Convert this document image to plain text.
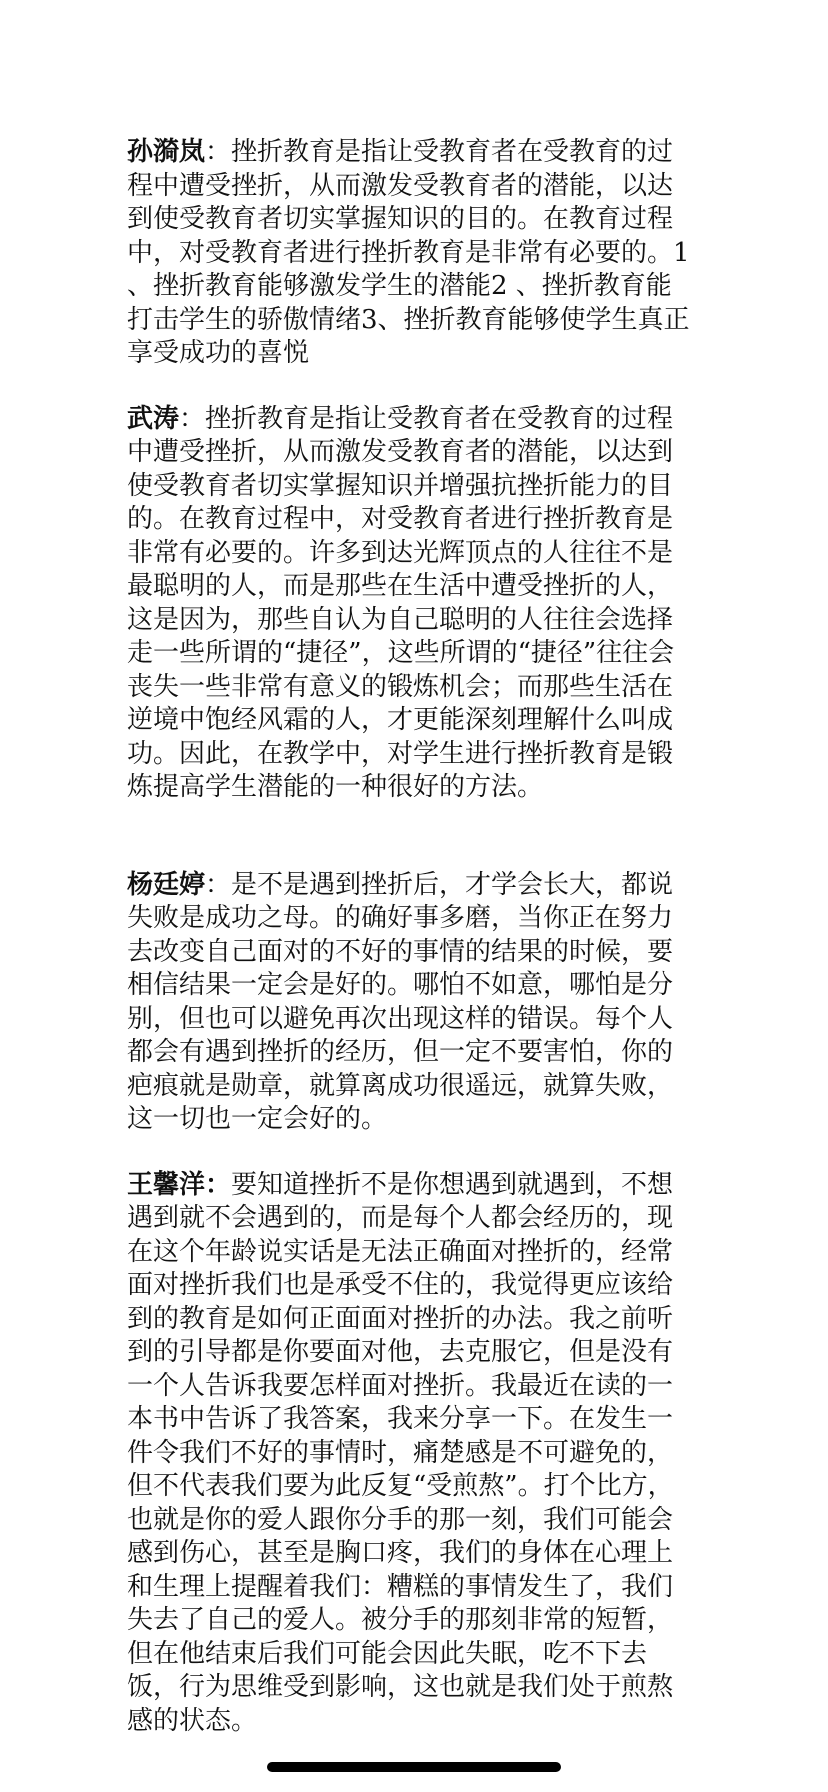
孙漪岚：挫折教育是指让受教育者在受教育的过程中遭受挫折，从而激发受教育者的潜能，以达到使受教育者切实掌握知识的目的。在教育过程中，对受教育者进行挫折教育是非常有必要的。1 、挫折教育能够激发学生的潜能2 、挫折教育能打击学生的骄傲情绪3、挫折教育能够使学生真正享受成功的喜悦

武涛：挫折教育是指让受教育者在受教育的过程中遭受挫折，从而激发受教育者的潜能，以达到使受教育者切实掌握知识并增强抗挫折能力的目的。在教育过程中，对受教育者进行挫折教育是非常有必要的。许多到达光辉顶点的人往往不是最聪明的人，而是那些在生活中遭受挫折的人， 这是因为，那些自认为自己聪明的人往往会选择走一些所谓的“捷径”，这些所谓的“捷径”往往会丧失一些非常有意义的锻炼机会；而那些生活在逆境中饱经风霜的人，才更能深刻理解什么叫成功。因此，在教学中，对学生进行挫折教育是锻炼提高学生潜能的一种很好的方法。

杨廷婷：是不是遇到挫折后，才学会长大，都说失败是成功之母。的确好事多磨，当你正在努力去改变自己面对的不好的事情的结果的时候，要相信结果一定会是好的。哪怕不如意，哪怕是分别，但也可以避免再次出现这样的错误。每个人都会有遇到挫折的经历，但一定不要害怕，你的疤痕就是勋章，就算离成功很遥远，就算失败，这一切也一定会好的。

王馨洋：要知道挫折不是你想遇到就遇到，不想遇到就不会遇到的，而是每个人都会经历的，现在这个年龄说实话是无法正确面对挫折的，经常面对挫折我们也是承受不住的，我觉得更应该给到的教育是如何正面面对挫折的办法。我之前听到的引导都是你要面对他，去克服它，但是没有一个人告诉我要怎样面对挫折。我最近在读的一本书中告诉了我答案，我来分享一下。在发生一件令我们不好的事情时，痛楚感是不可避免的，但不代表我们要为此反复“受煎熬”。打个比方，也就是你的爱人跟你分手的那一刻，我们可能会感到伤心，甚至是胸口疼，我们的身体在心理上和生理上提醒着我们：糟糕的事情发生了，我们失去了自己的爱人。被分手的那刻非常的短暂，但在他结束后我们可能会因此失眠，吃不下去饭，行为思维受到影响，这也就是我们处于煎熬感的状态。
